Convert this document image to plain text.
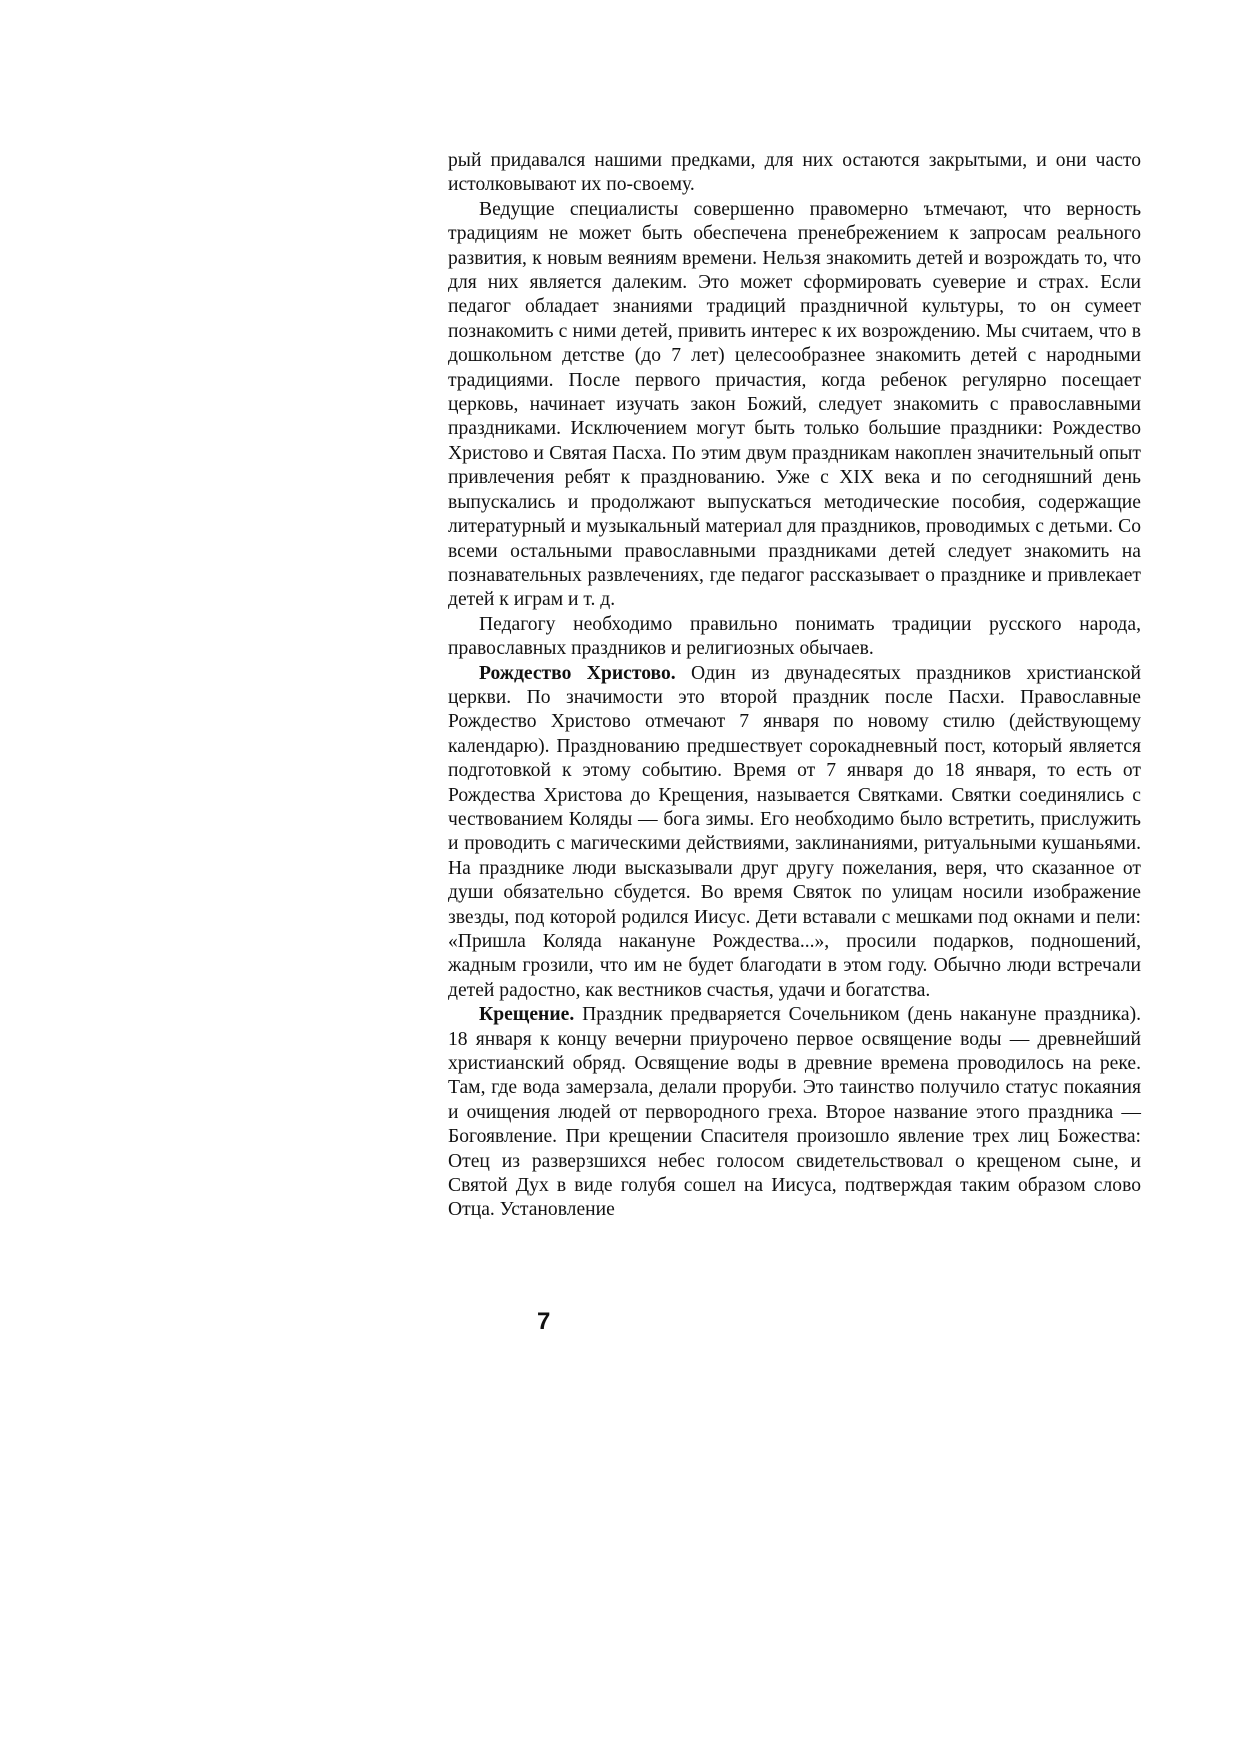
рый придавался нашими предками, для них остаются закрытыми, и они часто истолковывают их по-своему.

Ведущие специалисты совершенно правомерно ътмечают, что верность традициям не может быть обеспечена пренебрежением к запросам реального развития, к новым веяниям времени. Нельзя знакомить детей и возрождать то, что для них является далеким. Это может сформировать суеверие и страх. Если педагог обладает знаниями традиций праздничной культуры, то он сумеет познакомить с ними детей, привить интерес к их возрождению. Мы считаем, что в дошкольном детстве (до 7 лет) целесообразнее знакомить детей с народными традициями. После первого причастия, когда ребенок регулярно посещает церковь, начинает изучать закон Божий, следует знакомить с православными праздниками. Исключением могут быть только большие праздники: Рождество Христово и Святая Пасха. По этим двум праздникам накоплен значительный опыт привлечения ребят к празднованию. Уже с XIX века и по сегодняшний день выпускались и продолжают выпускаться методические пособия, содержащие литературный и музыкальный материал для праздников, проводимых с детьми. Со всеми остальными православными праздниками детей следует знакомить на познавательных развлечениях, где педагог рассказывает о празднике и привлекает детей к играм и т. д.

Педагогу необходимо правильно понимать традиции русского народа, православных праздников и религиозных обычаев.

Рождество Христово. Один из двунадесятых праздников христианской церкви. По значимости это второй праздник после Пасхи. Православные Рождество Христово отмечают 7 января по новому стилю (действующему календарю). Празднованию предшествует сорокадневный пост, который является подготовкой к этому событию. Время от 7 января до 18 января, то есть от Рождества Христова до Крещения, называется Святками. Святки соединялись с чествованием Коляды — бога зимы. Его необходимо было встретить, прислужить и проводить с магическими действиями, заклинаниями, ритуальными кушаньями. На празднике люди высказывали друг другу пожелания, веря, что сказанное от души обязательно сбудется. Во время Святок по улицам носили изображение звезды, под которой родился Иисус. Дети вставали с мешками под окнами и пели: «Пришла Коляда накануне Рождества...», просили подарков, подношений, жадным грозили, что им не будет благодати в этом году. Обычно люди встречали детей радостно, как вестников счастья, удачи и богатства.

Крещение. Праздник предваряется Сочельником (день накануне праздника). 18 января к концу вечерни приурочено первое освящение воды — древнейший христианский обряд. Освящение воды в древние времена проводилось на реке. Там, где вода замерзала, делали проруби. Это таинство получило статус покаяния и очищения людей от первородного греха. Второе название этого праздника — Богоявление. При крещении Спасителя произошло явление трех лиц Божества: Отец из разверзшихся небес голосом свидетельствовал о крещеном сыне, и Святой Дух в виде голубя сошел на Иисуса, подтверждая таким образом слово Отца. Установление

7
